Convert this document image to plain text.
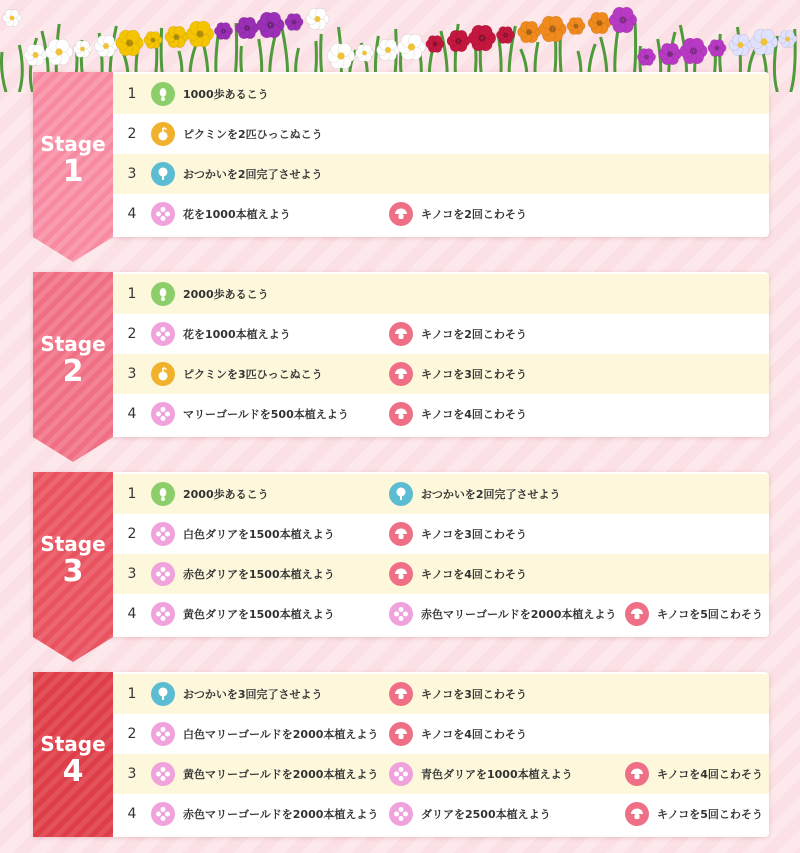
Stage
1
1	1000歩あるこう
2	ピクミンを2匹ひっこぬこう
3	おつかいを2回完了させよう
4	花を1000本植えよう	キノコを2回こわそう
Stage
2
1	2000歩あるこう
2	花を1000本植えよう	キノコを2回こわそう
3	ピクミンを3匹ひっこぬこう	キノコを3回こわそう
4	マリーゴールドを500本植えよう	キノコを4回こわそう
Stage
3
1	2000歩あるこう	おつかいを2回完了させよう
2	白色ダリアを1500本植えよう	キノコを3回こわそう
3	赤色ダリアを1500本植えよう	キノコを4回こわそう
4	黄色ダリアを1500本植えよう	赤色マリーゴールドを2000本植えよう	キノコを5回こわそう
Stage
4
1	おつかいを3回完了させよう	キノコを3回こわそう
2	白色マリーゴールドを2000本植えよう	キノコを4回こわそう
3	黄色マリーゴールドを2000本植えよう	青色ダリアを1000本植えよう	キノコを4回こわそう
4	赤色マリーゴールドを2000本植えよう	ダリアを2500本植えよう	キノコを5回こわそう
